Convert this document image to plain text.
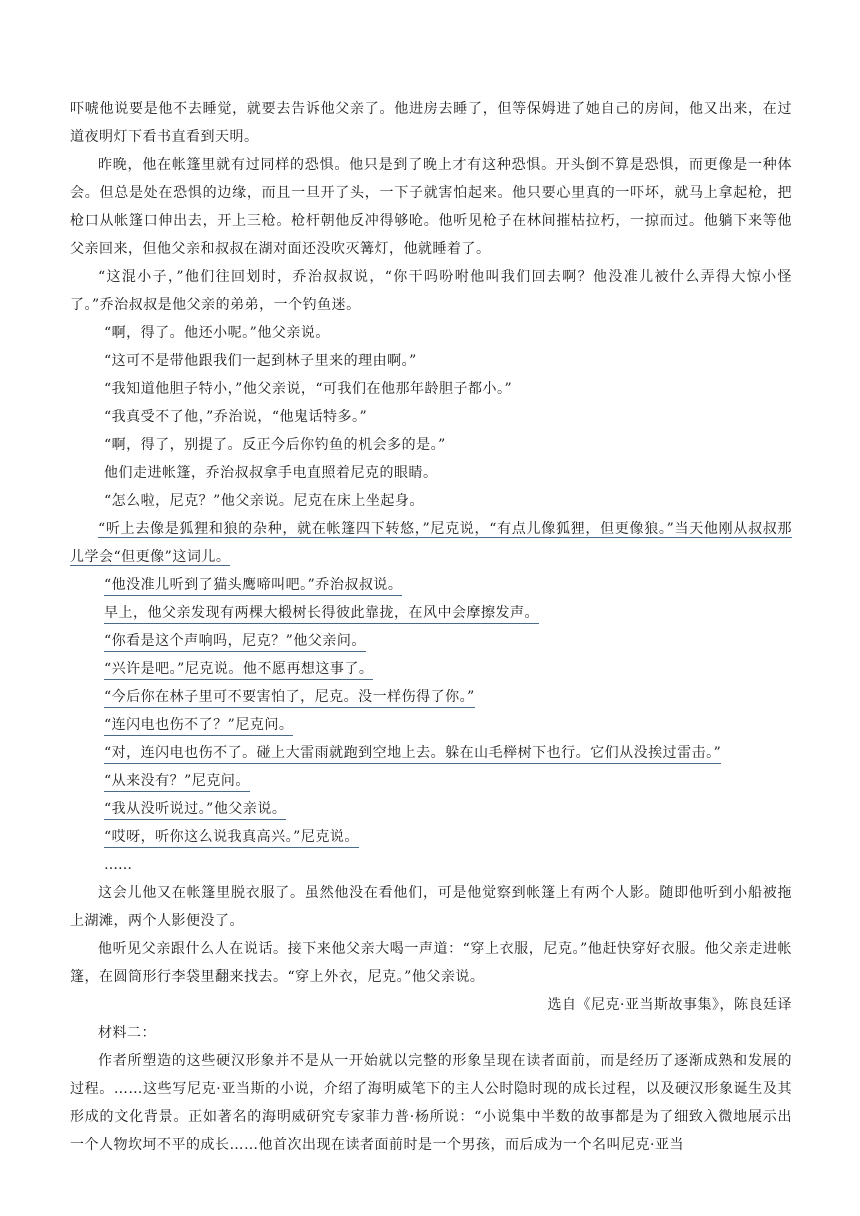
吓唬他说要是他不去睡觉，就要去告诉他父亲了。他进房去睡了，但等保姆进了她自己的房间，他又出来，在过道夜明灯下看书直看到天明。

昨晚，他在帐篷里就有过同样的恐惧。他只是到了晚上才有这种恐惧。开头倒不算是恐惧，而更像是一种体会。但总是处在恐惧的边缘，而且一旦开了头，一下子就害怕起来。他只要心里真的一吓坏，就马上拿起枪，把枪口从帐篷口伸出去，开上三枪。枪杆朝他反冲得够呛。他听见枪子在林间摧枯拉朽，一掠而过。他躺下来等他父亲回来，但他父亲和叔叔在湖对面还没吹灭篝灯，他就睡着了。

“这混小子，”他们往回划时，乔治叔叔说，“你干吗吩咐他叫我们回去啊？他没准儿被什么弄得大惊小怪了。”乔治叔叔是他父亲的弟弟，一个钓鱼迷。

“啊，得了。他还小呢。”他父亲说。
“这可不是带他跟我们一起到林子里来的理由啊。”
“我知道他胆子特小，”他父亲说，“可我们在他那年龄胆子都小。”
“我真受不了他，”乔治说，“他鬼话特多。”
“啊，得了，别提了。反正今后你钓鱼的机会多的是。”
他们走进帐篷，乔治叔叔拿手电直照着尼克的眼睛。
“怎么啦，尼克？”他父亲说。尼克在床上坐起身。

“听上去像是狐狸和狼的杂种，就在帐篷四下转悠，”尼克说，“有点儿像狐狸，但更像狼。”当天他刚从叔叔那儿学会“但更像”这词儿。

“他没准儿听到了猫头鹰啼叫吧。”乔治叔叔说。
早上，他父亲发现有两棵大椴树长得彼此靠拢，在风中会摩擦发声。
“你看是这个声响吗，尼克？”他父亲问。
“兴许是吧。”尼克说。他不愿再想这事了。
“今后你在林子里可不要害怕了，尼克。没一样伤得了你。”
“连闪电也伤不了？”尼克问。
“对，连闪电也伤不了。碰上大雷雨就跑到空地上去。躲在山毛榉树下也行。它们从没挨过雷击。”
“从来没有？”尼克问。
“我从没听说过。”他父亲说。
“哎呀，听你这么说我真高兴。”尼克说。
……

这会儿他又在帐篷里脱衣服了。虽然他没在看他们，可是他觉察到帐篷上有两个人影。随即他听到小船被拖上湖滩，两个人影便没了。

他听见父亲跟什么人在说话。接下来他父亲大喝一声道：“穿上衣服，尼克。”他赶快穿好衣服。他父亲走进帐篷，在圆筒形行李袋里翻来找去。“穿上外衣，尼克。”他父亲说。

选自《尼克·亚当斯故事集》，陈良廷译

材料二：

作者所塑造的这些硬汉形象并不是从一开始就以完整的形象呈现在读者面前，而是经历了逐渐成熟和发展的过程。……这些写尼克·亚当斯的小说，介绍了海明威笔下的主人公时隐时现的成长过程，以及硬汉形象诞生及其形成的文化背景。正如著名的海明威研究专家菲力普·杨所说：“小说集中半数的故事都是为了细致入微地展示出一个人物坎坷不平的成长……他首次出现在读者面前时是一个男孩，而后成为一个名叫尼克·亚当
